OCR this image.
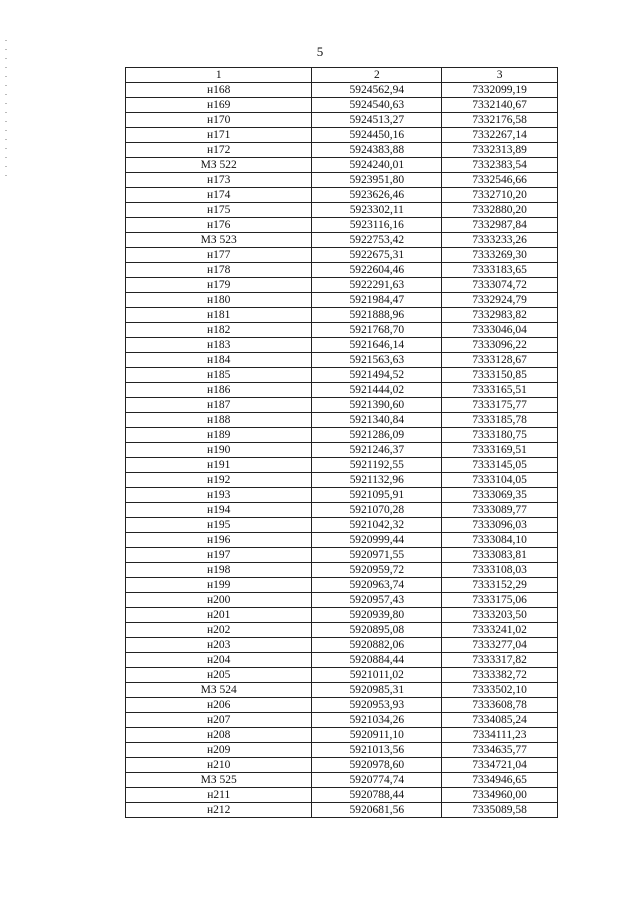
5
1	2	3
н168	5924562,94	7332099,19
н169	5924540,63	7332140,67
н170	5924513,27	7332176,58
н171	5924450,16	7332267,14
н172	5924383,88	7332313,89
МЗ 522	5924240,01	7332383,54
н173	5923951,80	7332546,66
н174	5923626,46	7332710,20
н175	5923302,11	7332880,20
н176	5923116,16	7332987,84
МЗ 523	5922753,42	7333233,26
н177	5922675,31	7333269,30
н178	5922604,46	7333183,65
н179	5922291,63	7333074,72
н180	5921984,47	7332924,79
н181	5921888,96	7332983,82
н182	5921768,70	7333046,04
н183	5921646,14	7333096,22
н184	5921563,63	7333128,67
н185	5921494,52	7333150,85
н186	5921444,02	7333165,51
н187	5921390,60	7333175,77
н188	5921340,84	7333185,78
н189	5921286,09	7333180,75
н190	5921246,37	7333169,51
н191	5921192,55	7333145,05
н192	5921132,96	7333104,05
н193	5921095,91	7333069,35
н194	5921070,28	7333089,77
н195	5921042,32	7333096,03
н196	5920999,44	7333084,10
н197	5920971,55	7333083,81
н198	5920959,72	7333108,03
н199	5920963,74	7333152,29
н200	5920957,43	7333175,06
н201	5920939,80	7333203,50
н202	5920895,08	7333241,02
н203	5920882,06	7333277,04
н204	5920884,44	7333317,82
н205	5921011,02	7333382,72
МЗ 524	5920985,31	7333502,10
н206	5920953,93	7333608,78
н207	5921034,26	7334085,24
н208	5920911,10	7334111,23
н209	5921013,56	7334635,77
н210	5920978,60	7334721,04
МЗ 525	5920774,74	7334946,65
н211	5920788,44	7334960,00
н212	5920681,56	7335089,58
